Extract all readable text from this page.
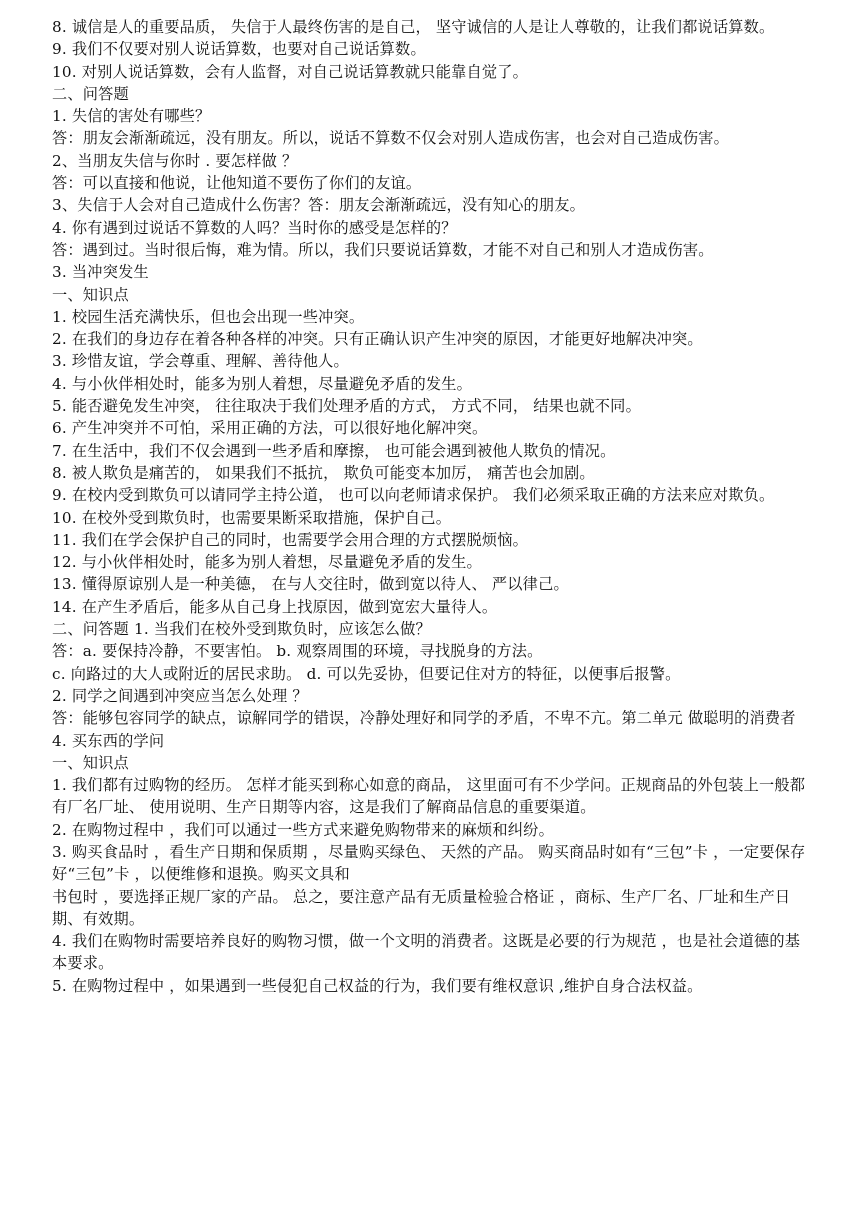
8. 诚信是人的重要品质， 失信于人最终伤害的是自己， 坚守诚信的人是让人尊敬的，让我们都说话算数。

9. 我们不仅要对别人说话算数，也要对自己说话算数。

10. 对别人说话算数，会有人监督，对自己说话算教就只能靠自觉了。

二、问答题

1. 失信的害处有哪些？

答：朋友会渐渐疏远，没有朋友。所以，说话不算数不仅会对别人造成伤害，也会对自己造成伤害。

2、当朋友失信与你时 . 要怎样做 ？

答：可以直接和他说，让他知道不要伤了你们的友谊。

3、失信于人会对自己造成什么伤害？答：朋友会渐渐疏远，没有知心的朋友。

4. 你有遇到过说话不算数的人吗？当时你的感受是怎样的？

答：遇到过。当时很后悔，难为情。所以，我们只要说话算数，才能不对自己和别人才造成伤害。

3. 当冲突发生

一、知识点

1. 校园生活充满快乐，但也会出现一些冲突。

2. 在我们的身边存在着各种各样的冲突。只有正确认识产生冲突的原因，才能更好地解决冲突。

3. 珍惜友谊，学会尊重、理解、善待他人。

4. 与小伙伴相处时，能多为别人着想，尽量避免矛盾的发生。

5. 能否避免发生冲突， 往往取决于我们处理矛盾的方式， 方式不同， 结果也就不同。

6. 产生冲突并不可怕，采用正确的方法，可以很好地化解冲突。

7. 在生活中，我们不仅会遇到一些矛盾和摩擦， 也可能会遇到被他人欺负的情况。

8. 被人欺负是痛苦的， 如果我们不抵抗， 欺负可能变本加厉， 痛苦也会加剧。

9. 在校内受到欺负可以请同学主持公道， 也可以向老师请求保护。 我们必须采取正确的方法来应对欺负。

10. 在校外受到欺负时，也需要果断采取措施，保护自己。

11. 我们在学会保护自己的同时，也需要学会用合理的方式摆脱烦恼。

12. 与小伙伴相处时，能多为别人着想，尽量避免矛盾的发生。

13. 懂得原谅别人是一种美德， 在与人交往时，做到宽以待人、 严以律己。

14. 在产生矛盾后，能多从自己身上找原因，做到宽宏大量待人。

二、问答题 1. 当我们在校外受到欺负时，应该怎么做？

答：a. 要保持冷静，不要害怕。 b. 观察周围的环境，寻找脱身的方法。

c. 向路过的大人或附近的居民求助。 d. 可以先妥协，但要记住对方的特征，以便事后报警。

2. 同学之间遇到冲突应当怎么处理 ？

答：能够包容同学的缺点，谅解同学的错误，冷静处理好和同学的矛盾，不卑不亢。第二单元 做聪明的消费者

4. 买东西的学问

一、知识点

1. 我们都有过购物的经历。 怎样才能买到称心如意的商品， 这里面可有不少学问。正规商品的外包装上一般都有厂名厂址、 使用说明、生产日期等内容，这是我们了解商品信息的重要渠道。

2. 在购物过程中 ，我们可以通过一些方式来避免购物带来的麻烦和纠纷。

3. 购买食品时 ，看生产日期和保质期 ，尽量购买绿色、 天然的产品。 购买商品时如有“三包”卡 ，一定要保存好“三包”卡 ，以便维修和退换。购买文具和

书包时 ，要选择正规厂家的产品。 总之，要注意产品有无质量检验合格证 ，商标、生产厂名、厂址和生产日期、有效期。

4. 我们在购物时需要培养良好的购物习惯，做一个文明的消费者。这既是必要的行为规范 ，也是社会道德的基本要求。

5. 在购物过程中 ，如果遇到一些侵犯自己权益的行为，我们要有维权意识 ,维护自身合法权益。
